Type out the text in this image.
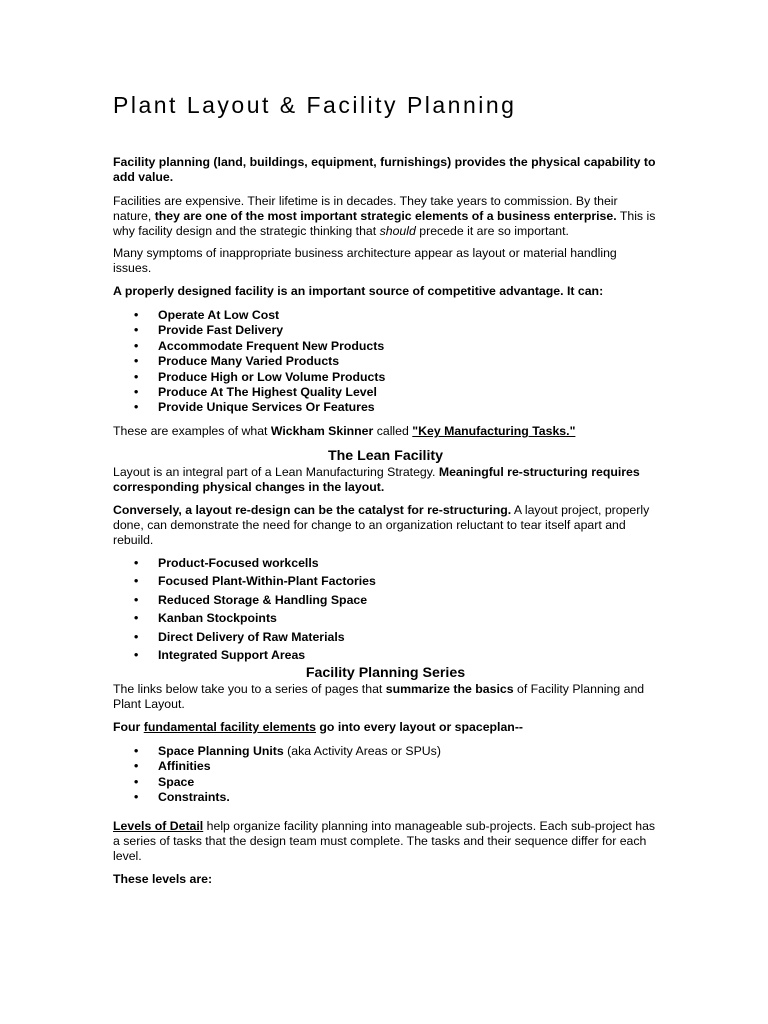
Plant Layout & Facility Planning

Facility planning (land, buildings, equipment, furnishings) provides the physical capability to add value.

Facilities are expensive. Their lifetime is in decades. They take years to commission. By their nature, they are one of the most important strategic elements of a business enterprise. This is why facility design and the strategic thinking that should precede it are so important.

Many symptoms of inappropriate business architecture appear as layout or material handling issues.

A properly designed facility is an important source of competitive advantage. It can:

• Operate At Low Cost
• Provide Fast Delivery
• Accommodate Frequent New Products
• Produce Many Varied Products
• Produce High or Low Volume Products
• Produce At The Highest Quality Level
• Provide Unique Services Or Features

These are examples of what Wickham Skinner called "Key Manufacturing Tasks."

The Lean Facility

Layout is an integral part of a Lean Manufacturing Strategy. Meaningful re-structuring requires corresponding physical changes in the layout.

Conversely, a layout re-design can be the catalyst for re-structuring. A layout project, properly done, can demonstrate the need for change to an organization reluctant to tear itself apart and rebuild.

• Product-Focused workcells
• Focused Plant-Within-Plant Factories
• Reduced Storage & Handling Space
• Kanban Stockpoints
• Direct Delivery of Raw Materials
• Integrated Support Areas
Facility Planning Series

The links below take you to a series of pages that summarize the basics of Facility Planning and Plant Layout.

Four fundamental facility elements go into every layout or spaceplan--

• Space Planning Units (aka Activity Areas or SPUs)
• Affinities
• Space
• Constraints.

Levels of Detail help organize facility planning into manageable sub-projects. Each sub-project has a series of tasks that the design team must complete. The tasks and their sequence differ for each level.

These levels are:
